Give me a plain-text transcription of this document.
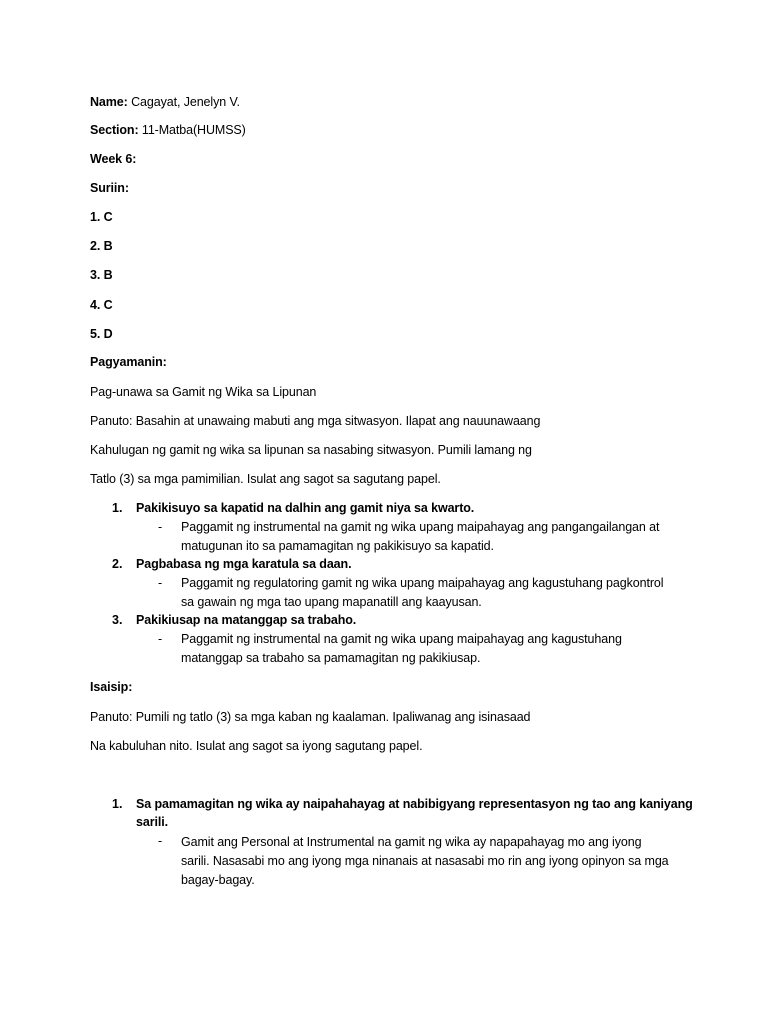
Name: Cagayat, Jenelyn V.
Section: 11-Matba(HUMSS)
Week 6:
Suriin:
1. C
2. B
3. B
4. C
5. D
Pagyamanin:
Pag-unawa sa Gamit ng Wika sa Lipunan
Panuto: Basahin at unawaing mabuti ang mga sitwasyon. Ilapat ang nauunawaang
Kahulugan ng gamit ng wika sa lipunan sa nasabing sitwasyon. Pumili lamang ng
Tatlo (3) sa mga pamimilian. Isulat ang sagot sa sagutang papel.
1. Pakikisuyo sa kapatid na dalhin ang gamit niya sa kwarto.
- Paggamit ng instrumental na gamit ng wika upang maipahayag ang pangangailangan at
matugunan ito sa pamamagitan ng pakikisuyo sa kapatid.
2. Pagbabasa ng mga karatula sa daan.
- Paggamit ng regulatoring gamit ng wika upang maipahayag ang kagustuhang pagkontrol
sa gawain ng mga tao upang mapanatill ang kaayusan.
3. Pakikiusap na matanggap sa trabaho.
- Paggamit ng instrumental na gamit ng wika upang maipahayag ang kagustuhang
matanggap sa trabaho sa pamamagitan ng pakikiusap.
Isaisip:
Panuto: Pumili ng tatlo (3) sa mga kaban ng kaalaman. Ipaliwanag ang isinasaad
Na kabuluhan nito. Isulat ang sagot sa iyong sagutang papel.
1. Sa pamamagitan ng wika ay naipahahayag at nabibigyang representasyon ng tao ang kaniyang
sarili.
- Gamit ang Personal at Instrumental na gamit ng wika ay napapahayag mo ang iyong
sarili. Nasasabi mo ang iyong mga ninanais at nasasabi mo rin ang iyong opinyon sa mga
bagay-bagay.
